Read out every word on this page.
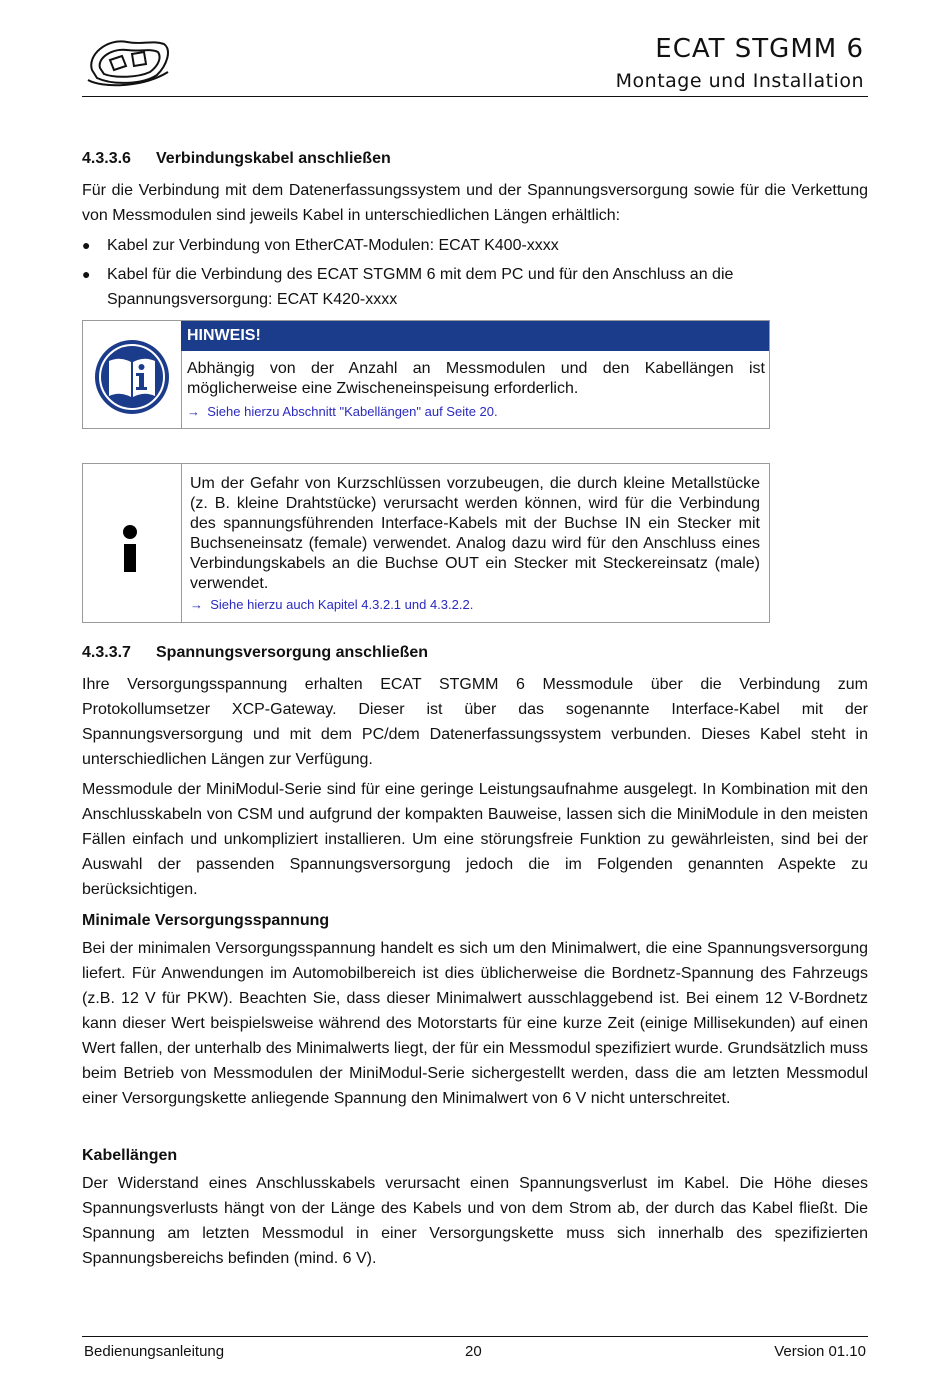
ECAT STGMM 6
Montage und Installation
4.3.3.6 Verbindungskabel anschließen
Für die Verbindung mit dem Datenerfassungssystem und der Spannungsversorgung sowie für die Verkettung von Messmodulen sind jeweils Kabel in unterschiedlichen Längen erhältlich:
● Kabel zur Verbindung von EtherCAT-Modulen: ECAT K400-xxxx
● Kabel für die Verbindung des ECAT STGMM 6 mit dem PC und für den Anschluss an die Spannungsversorgung: ECAT K420-xxxx
HINWEIS!
Abhängig von der Anzahl an Messmodulen und den Kabellängen ist möglicherweise eine Zwischeneinspeisung erforderlich.
→ Siehe hierzu Abschnitt "Kabellängen" auf Seite 20.
Um der Gefahr von Kurzschlüssen vorzubeugen, die durch kleine Metallstücke (z. B. kleine Drahtstücke) verursacht werden können, wird für die Verbindung des spannungsführenden Interface-Kabels mit der Buchse IN ein Stecker mit Buchseneinsatz (female) verwendet. Analog dazu wird für den Anschluss eines Verbindungskabels an die Buchse OUT ein Stecker mit Steckereinsatz (male) verwendet.
→ Siehe hierzu auch Kapitel 4.3.2.1 und 4.3.2.2.
4.3.3.7 Spannungsversorgung anschließen
Ihre Versorgungsspannung erhalten ECAT STGMM 6 Messmodule über die Verbindung zum Protokollumsetzer XCP-Gateway. Dieser ist über das sogenannte Interface-Kabel mit der Spannungsversorgung und mit dem PC/dem Datenerfassungssystem verbunden. Dieses Kabel steht in unterschiedlichen Längen zur Verfügung.
Messmodule der MiniModul-Serie sind für eine geringe Leistungsaufnahme ausgelegt. In Kombination mit den Anschlusskabeln von CSM und aufgrund der kompakten Bauweise, lassen sich die MiniModule in den meisten Fällen einfach und unkompliziert installieren. Um eine störungsfreie Funktion zu gewährleisten, sind bei der Auswahl der passenden Spannungsversorgung jedoch die im Folgenden genannten Aspekte zu berücksichtigen.
Minimale Versorgungsspannung
Bei der minimalen Versorgungsspannung handelt es sich um den Minimalwert, die eine Spannungsversorgung liefert. Für Anwendungen im Automobilbereich ist dies üblicherweise die Bordnetz-Spannung des Fahrzeugs (z.B. 12 V für PKW). Beachten Sie, dass dieser Minimalwert ausschlaggebend ist. Bei einem 12 V-Bordnetz kann dieser Wert beispielsweise während des Motorstarts für eine kurze Zeit (einige Millisekunden) auf einen Wert fallen, der unterhalb des Minimalwerts liegt, der für ein Messmodul spezifiziert wurde. Grundsätzlich muss beim Betrieb von Messmodulen der MiniModul-Serie sichergestellt werden, dass die am letzten Messmodul einer Versorgungskette anliegende Spannung den Minimalwert von 6 V nicht unterschreitet.
Kabellängen
Der Widerstand eines Anschlusskabels verursacht einen Spannungsverlust im Kabel. Die Höhe dieses Spannungsverlusts hängt von der Länge des Kabels und von dem Strom ab, der durch das Kabel fließt. Die Spannung am letzten Messmodul in einer Versorgungskette muss sich innerhalb des spezifizierten Spannungsbereichs befinden (mind. 6 V).
Bedienungsanleitung	20	Version 01.10
